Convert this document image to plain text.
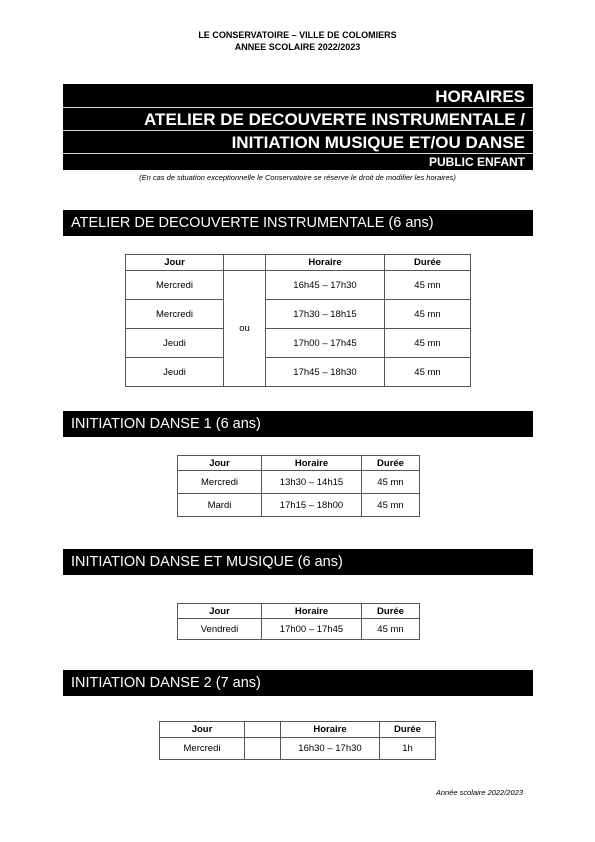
LE CONSERVATOIRE – VILLE DE COLOMIERS
ANNEE SCOLAIRE 2022/2023
HORAIRES
ATELIER DE DECOUVERTE INSTRUMENTALE /
INITIATION MUSIQUE ET/OU DANSE
PUBLIC ENFANT
(En cas de situation exceptionnelle le Conservatoire se réserve le droit de modifier les horaires)
ATELIER DE DECOUVERTE INSTRUMENTALE (6 ans)
Jour		Horaire	Durée
Mercredi	ou	16h45 – 17h30	45 mn
Mercredi		17h30 – 18h15	45 mn
Jeudi		17h00 – 17h45	45 mn
Jeudi		17h45 – 18h30	45 mn
INITIATION DANSE 1 (6 ans)
Jour	Horaire	Durée
Mercredi	13h30 – 14h15	45 mn
Mardi	17h15 – 18h00	45 mn
INITIATION DANSE ET MUSIQUE (6 ans)
Jour	Horaire	Durée
Vendredi	17h00 – 17h45	45 mn
INITIATION DANSE 2 (7 ans)
Jour		Horaire	Durée
Mercredi		16h30 – 17h30	1h
Année scolaire 2022/2023
